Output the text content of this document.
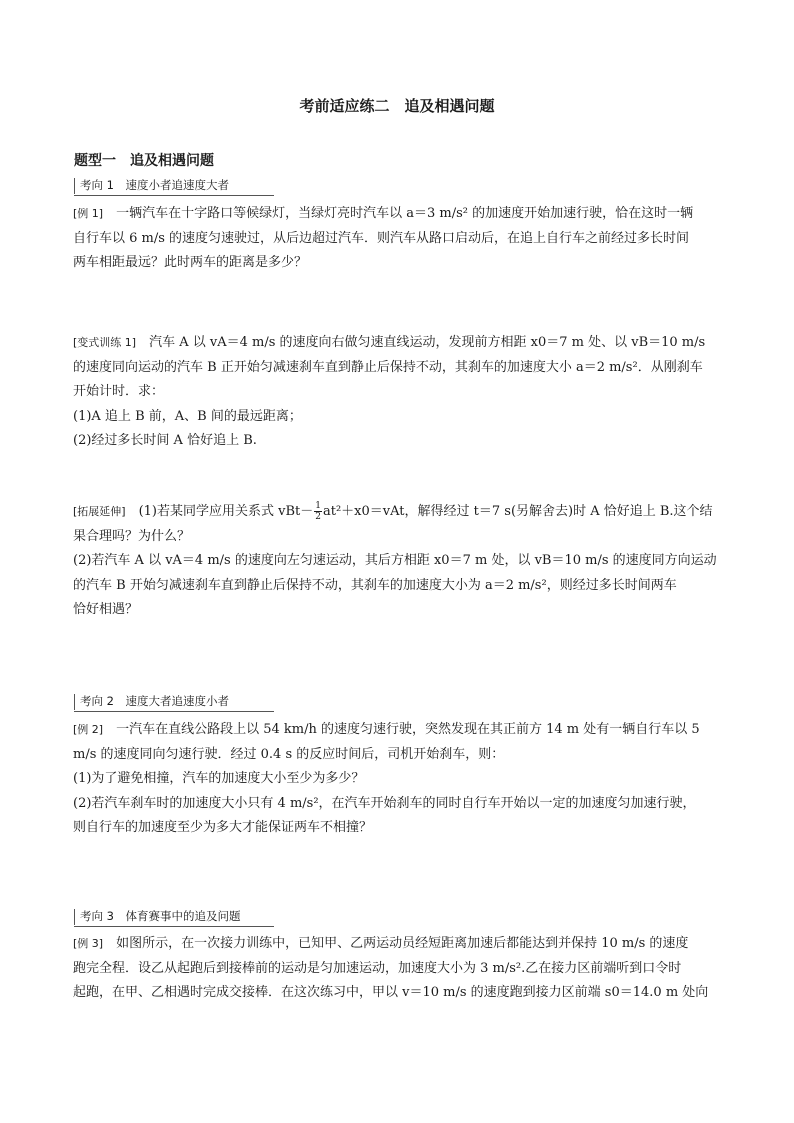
考前适应练二　追及相遇问题
题型一　追及相遇问题
考向 1　速度小者追速度大者
[例 1]　一辆汽车在十字路口等候绿灯，当绿灯亮时汽车以 a＝3 m/s² 的加速度开始加速行驶，恰在这时一辆
自行车以 6 m/s 的速度匀速驶过，从后边超过汽车．则汽车从路口启动后，在追上自行车之前经过多长时间
两车相距最远？此时两车的距离是多少？
[变式训练 1]　汽车 A 以 vA＝4 m/s 的速度向右做匀速直线运动，发现前方相距 x0＝7 m 处、以 vB＝10 m/s
的速度同向运动的汽车 B 正开始匀减速刹车直到静止后保持不动，其刹车的加速度大小 a＝2 m/s²．从刚刹车
开始计时．求：
(1)A 追上 B 前，A、B 间的最远距离；
(2)经过多长时间 A 恰好追上 B.
[拓展延伸]　(1)若某同学应用关系式 $vBt- \frac{1}{2} at^2+x0=vAt$，解得经过 t＝7 s(另解舍去)时 A 恰好追上 B.这个结
果合理吗？为什么？
(2)若汽车 A 以 vA＝4 m/s 的速度向左匀速运动，其后方相距 x0＝7 m 处，以 vB＝10 m/s 的速度同方向运动
的汽车 B 开始匀减速刹车直到静止后保持不动，其刹车的加速度大小为 a＝2 m/s²，则经过多长时间两车
恰好相遇？
考向 2　速度大者追速度小者
[例 2]　一汽车在直线公路段上以 54 km/h 的速度匀速行驶，突然发现在其正前方 14 m 处有一辆自行车以 5
m/s 的速度同向匀速行驶．经过 0.4 s 的反应时间后，司机开始刹车，则：
(1)为了避免相撞，汽车的加速度大小至少为多少？
(2)若汽车刹车时的加速度大小只有 4 m/s²，在汽车开始刹车的同时自行车开始以一定的加速度匀加速行驶，
则自行车的加速度至少为多大才能保证两车不相撞？
考向 3　体育赛事中的追及问题
[例 3]　如图所示，在一次接力训练中，已知甲、乙两运动员经短距离加速后都能达到并保持 10 m/s 的速度
跑完全程．设乙从起跑后到接棒前的运动是匀加速运动，加速度大小为 3 m/s².乙在接力区前端听到口令时
起跑，在甲、乙相遇时完成交接棒．在这次练习中，甲以 v＝10 m/s 的速度跑到接力区前端 s0＝14.0 m 处向
